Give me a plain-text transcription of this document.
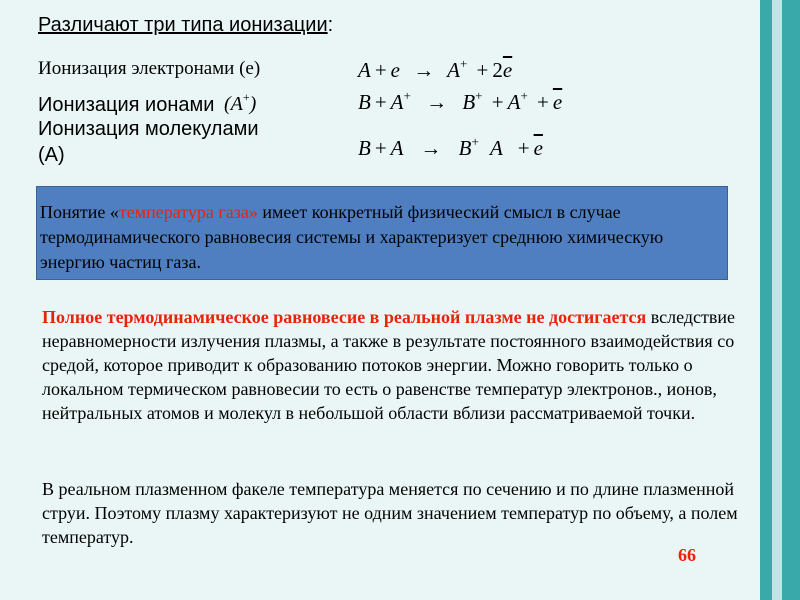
Различают три типа ионизации:
Ионизация электронами (е)
Ионизация ионами (A+)
Ионизация молекулами
(А)
$A + e \to A^+ + 2\overline{e}$
$B + A^+ \to B^+ + A^+ + \overline{e}$
B + A → B+ $A + \overline{e}$
Понятие «температура газа» имеет конкретный физический смысл в случае термодинамического равновесия системы и характеризует среднюю химическую энергию частиц газа.
Полное термодинамическое равновесие в реальной плазме не достигается вследствие неравномерности излучения плазмы, а также в результате постоянного взаимодействия со средой, которое приводит к образованию потоков энергии. Можно говорить только о локальном термическом равновесии то есть о равенстве температур электронов., ионов, нейтральных атомов и молекул в небольшой области вблизи рассматриваемой точки.
В реальном плазменном факеле температура меняется по сечению и по длине плазменной струи. Поэтому плазму характеризуют не одним значением температур по объему, а полем температур.
66
